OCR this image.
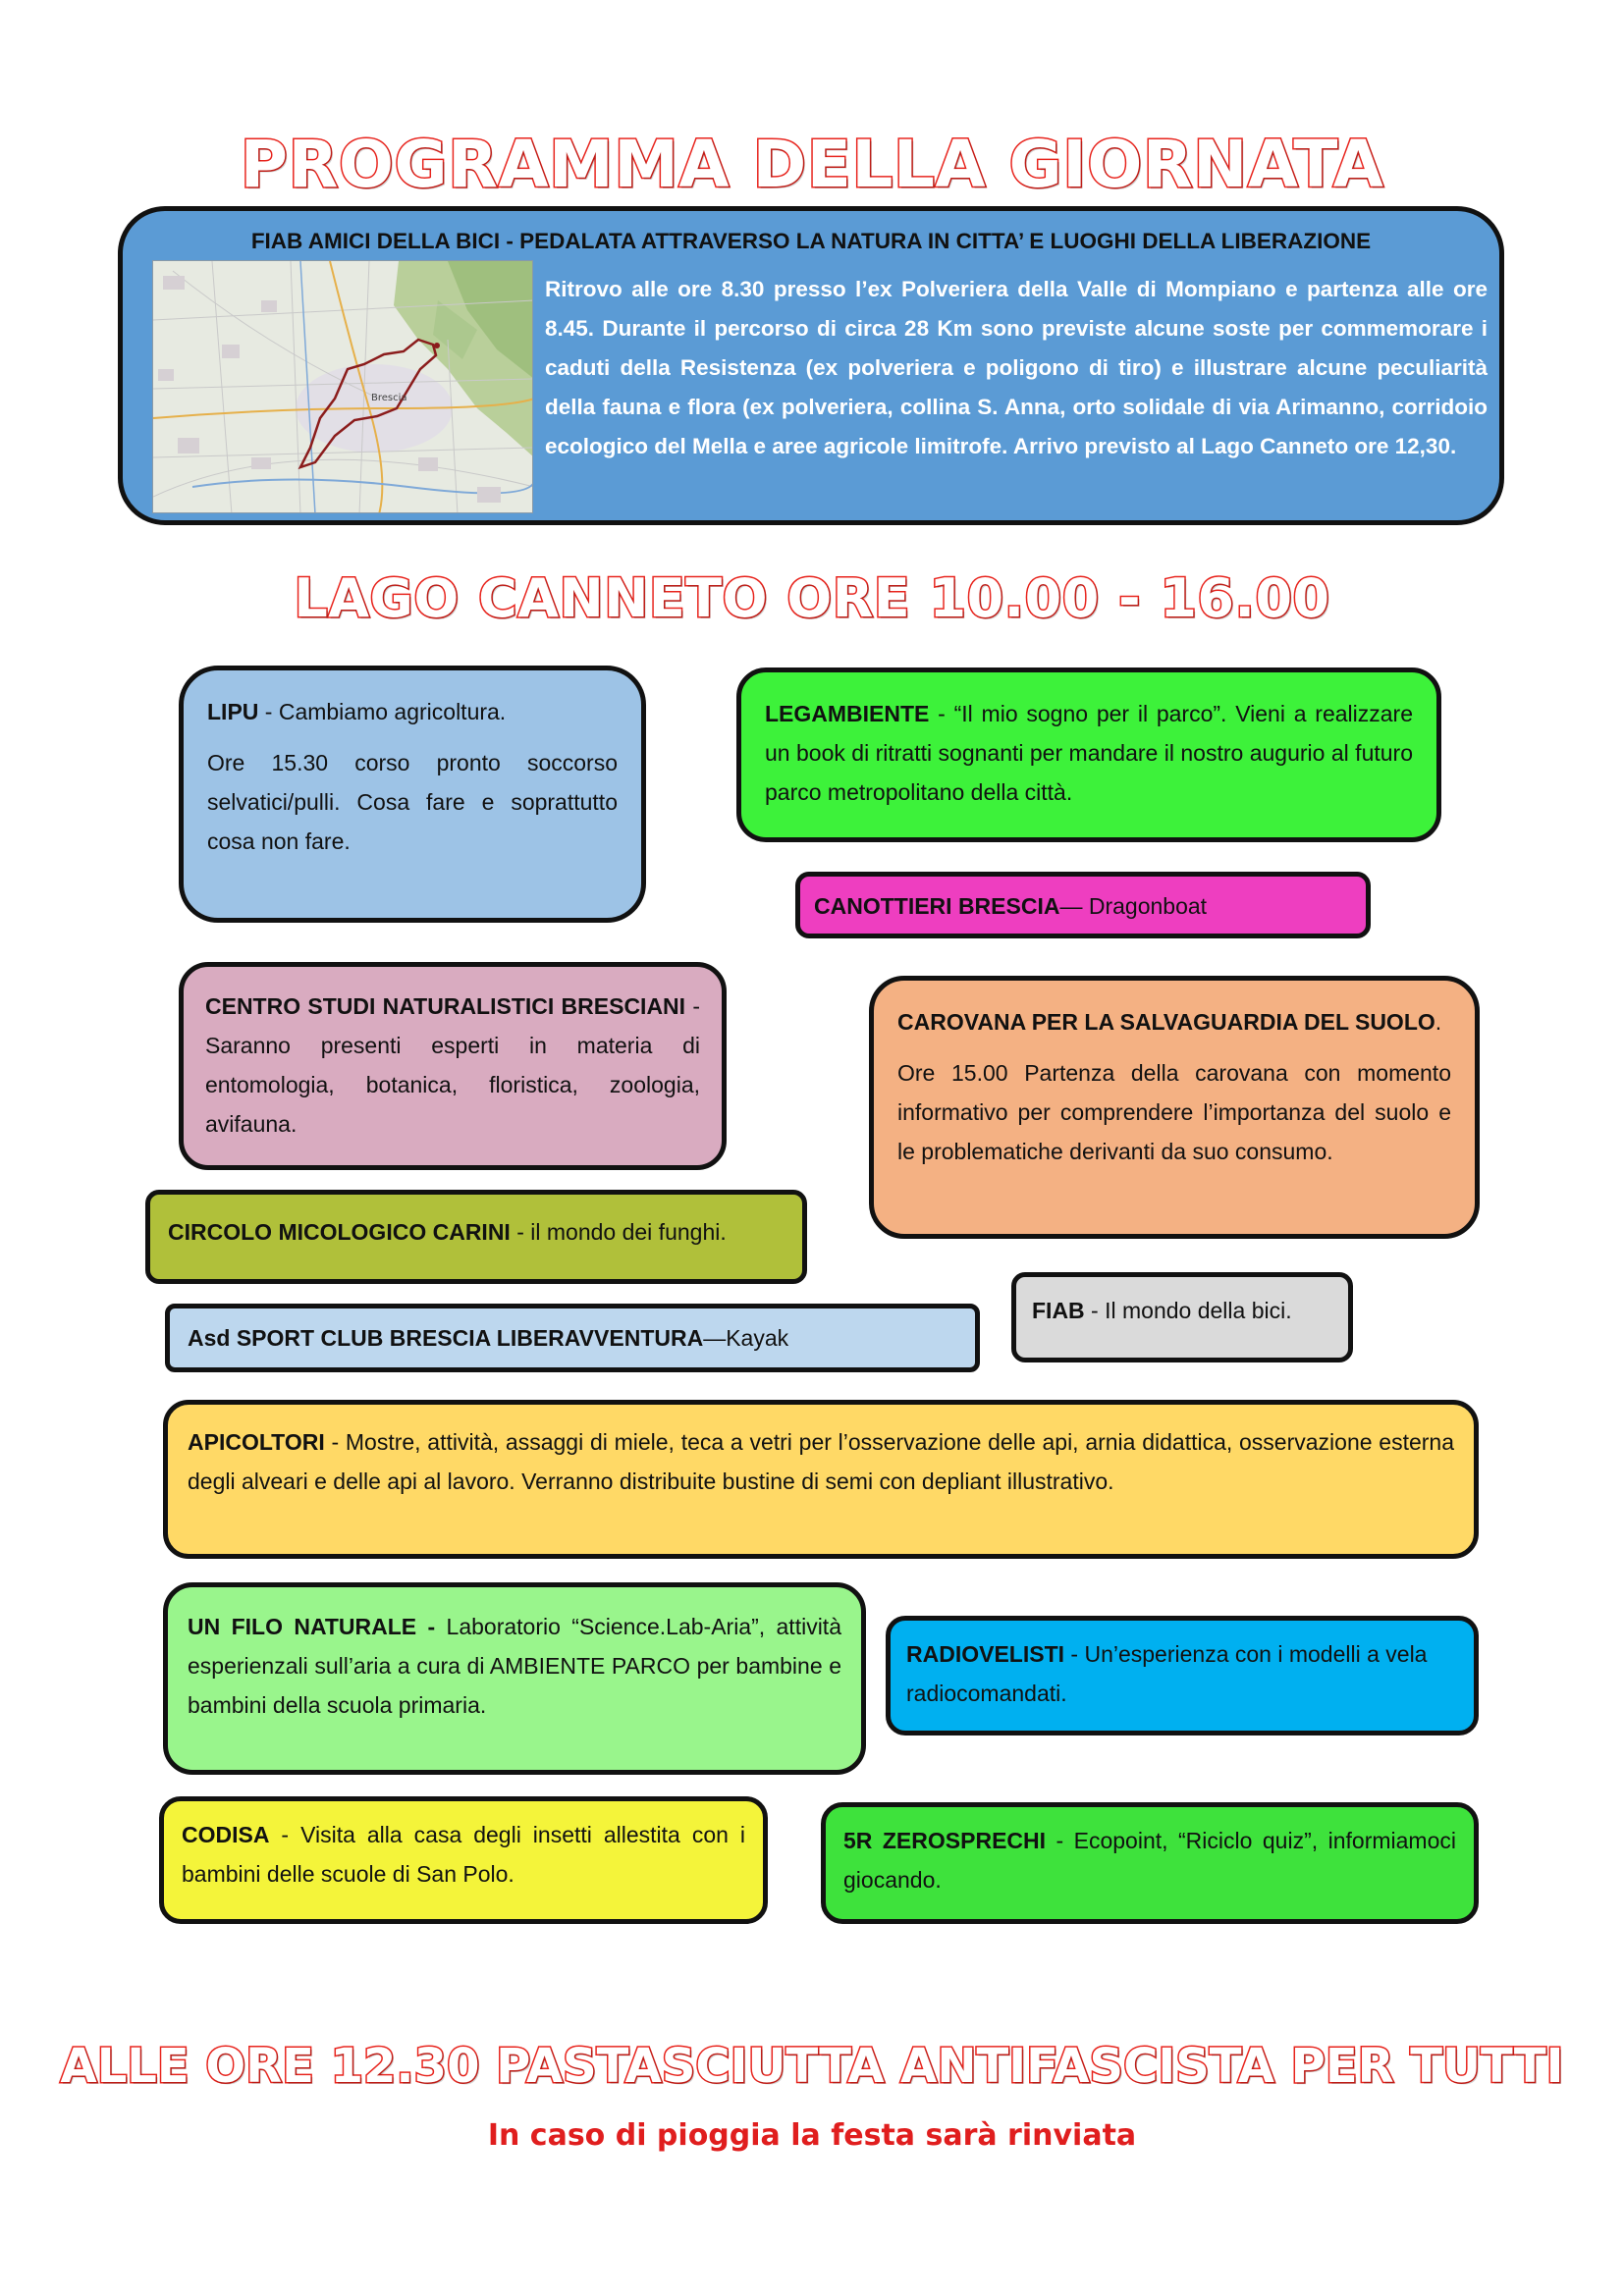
PROGRAMMA DELLA GIORNATA
FIAB AMICI DELLA BICI - PEDALATA ATTRAVERSO LA NATURA IN CITTA’ E LUOGHI DELLA LIBERAZIONE
Brescia
Ritrovo alle ore 8.30 presso l’ex Polveriera della Valle di Mompiano e partenza alle ore 8.45. Durante il percorso di circa 28 Km sono previste alcune soste per commemorare i caduti della Resistenza (ex polveriera e poligono di tiro) e illustrare alcune peculiarità della fauna e flora (ex polveriera, collina S. Anna, orto solidale di via Arimanno, corridoio ecologico del Mella e aree agricole limitrofe. Arrivo previsto al Lago Canneto ore 12,30.
LAGO CANNETO ORE 10.00 - 16.00

LIPU - Cambiamo agricoltura.

Ore 15.30 corso pronto soccorso selvatici/pulli. Cosa fare e soprattutto cosa non fare.

LEGAMBIENTE - “Il mio sogno per il parco”. Vieni a realizzare un book di ritratti sognanti per mandare il nostro augurio al futuro parco metropolitano della città.
CANOTTIERI BRESCIA— Dragonboat
CENTRO STUDI NATURALISTICI BRESCIANI - Saranno presenti esperti in materia di entomologia, botanica, floristica, zoologia, avifauna.

CAROVANA PER LA SALVAGUARDIA DEL SUOLO.

Ore 15.00 Partenza della carovana con momento informativo per comprendere l’importanza del suolo e le problematiche derivanti da suo consumo.

CIRCOLO MICOLOGICO CARINI - il mondo dei funghi.
FIAB - Il mondo della bici.
Asd SPORT CLUB BRESCIA LIBERAVVENTURA—Kayak
APICOLTORI - Mostre, attività, assaggi di miele, teca a vetri per l’osservazione delle api, arnia didattica, osservazione esterna degli alveari e delle api al lavoro. Verranno distribuite bustine di semi con depliant illustrativo.
UN FILO NATURALE - Laboratorio “Science.Lab-Aria”, attività esperienzali sull’aria a cura di AMBIENTE PARCO per bambine e bambini della scuola primaria.
RADIOVELISTI - Un’esperienza con i modelli a vela radiocomandati.
CODISA - Visita alla casa degli insetti allestita con i bambini delle scuole di San Polo.
5R ZEROSPRECHI - Ecopoint, “Riciclo quiz”, informiamoci giocando.
ALLE ORE 12.30 PASTASCIUTTA ANTIFASCISTA PER TUTTI
In caso di pioggia la festa sarà rinviata
